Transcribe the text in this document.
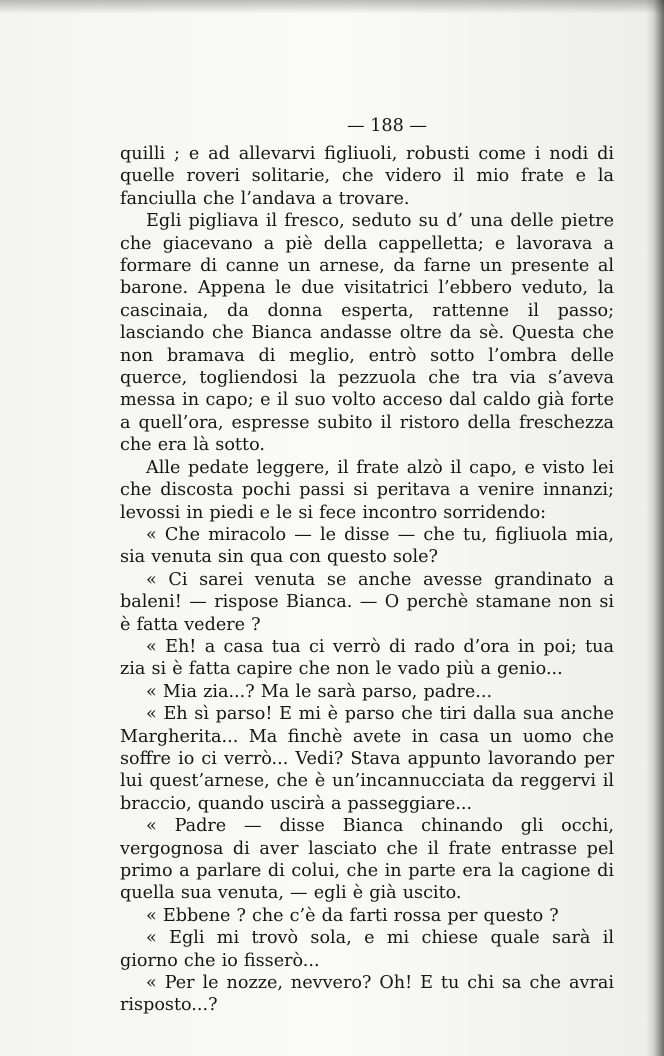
— 188 —

quilli ; e ad allevarvi figliuoli, robusti come i nodi di quelle roveri solitarie, che videro il mio frate e la fanciulla che l’andava a trovare.

Egli pigliava il fresco, seduto su d’ una delle pietre che giacevano a piè della cappelletta; e lavorava a formare di canne un arnese, da farne un presente al barone. Appena le due visitatrici l’ebbero veduto, la cascinaia, da donna esperta, rattenne il passo; lasciando che Bianca andasse oltre da sè. Questa che non bramava di meglio, entrò sotto l’ombra delle querce, togliendosi la pezzuola che tra via s’aveva messa in capo; e il suo volto acceso dal caldo già forte a quell’ora, espresse subito il ristoro della freschezza che era là sotto.

Alle pedate leggere, il frate alzò il capo, e visto lei che discosta pochi passi si peritava a venire innanzi; levossi in piedi e le si fece incontro sorridendo:

« Che miracolo — le disse — che tu, figliuola mia, sia venuta sin qua con questo sole?

« Ci sarei venuta se anche avesse grandinato a baleni! — rispose Bianca. — O perchè stamane non si è fatta vedere ?

« Eh! a casa tua ci verrò di rado d’ora in poi; tua zia si è fatta capire che non le vado più a genio...

« Mia zia...? Ma le sarà parso, padre...

« Eh sì parso! E mi è parso che tiri dalla sua anche Margherita... Ma finchè avete in casa un uomo che soffre io ci verrò... Vedi? Stava appunto lavorando per lui quest’arnese, che è un’incannucciata da reggervi il braccio, quando uscirà a passeggiare...

« Padre — disse Bianca chinando gli occhi, vergognosa di aver lasciato che il frate entrasse pel primo a parlare di colui, che in parte era la cagione di quella sua venuta, — egli è già uscito.

« Ebbene ? che c’è da farti rossa per questo ?

« Egli mi trovò sola, e mi chiese quale sarà il giorno che io fisserò...

« Per le nozze, nevvero? Oh! E tu chi sa che avrai risposto...?
